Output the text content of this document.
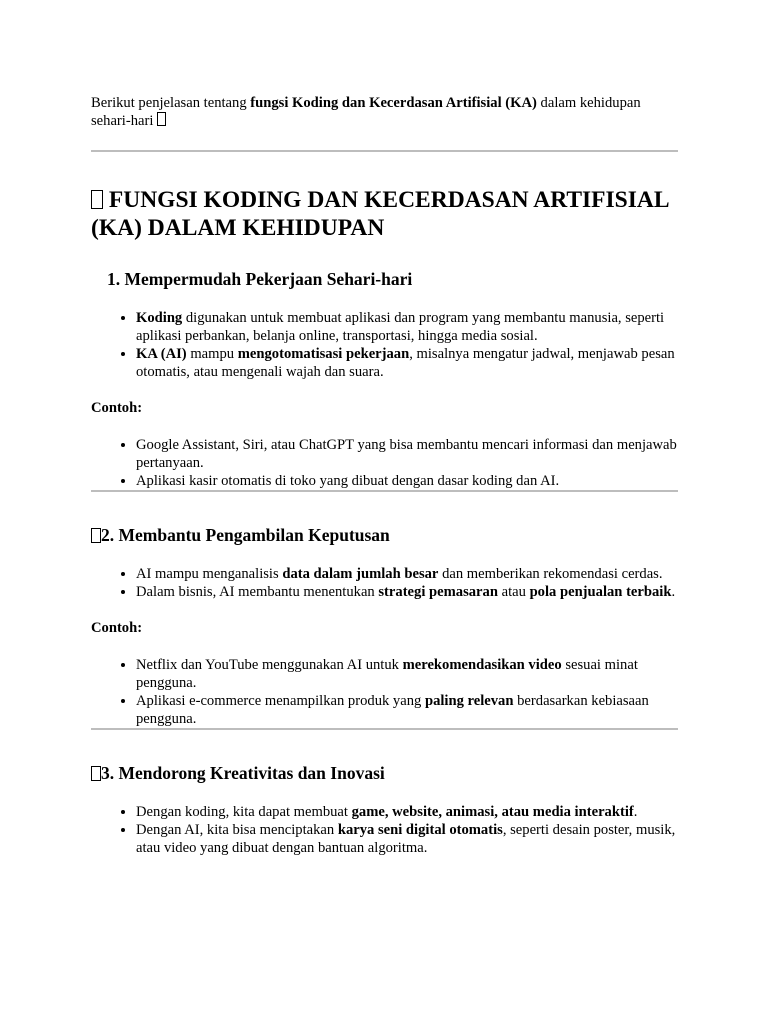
Berikut penjelasan tentang fungsi Koding dan Kecerdasan Artifisial (KA) dalam kehidupan sehari-hari

FUNGSI KODING DAN KECERDASAN ARTIFISIAL (KA) DALAM KEHIDUPAN
1. Mempermudah Pekerjaan Sehari-hari
• Koding digunakan untuk membuat aplikasi dan program yang membantu manusia, seperti aplikasi perbankan, belanja online, transportasi, hingga media sosial.
• KA (AI) mampu mengotomatisasi pekerjaan, misalnya mengatur jadwal, menjawab pesan otomatis, atau mengenali wajah dan suara.

Contoh:

• Google Assistant, Siri, atau ChatGPT yang bisa membantu mencari informasi dan menjawab pertanyaan.
• Aplikasi kasir otomatis di toko yang dibuat dengan dasar koding dan AI.
2. Membantu Pengambilan Keputusan
• AI mampu menganalisis data dalam jumlah besar dan memberikan rekomendasi cerdas.
• Dalam bisnis, AI membantu menentukan strategi pemasaran atau pola penjualan terbaik.

Contoh:

• Netflix dan YouTube menggunakan AI untuk merekomendasikan video sesuai minat pengguna.
• Aplikasi e-commerce menampilkan produk yang paling relevan berdasarkan kebiasaan pengguna.
3. Mendorong Kreativitas dan Inovasi
• Dengan koding, kita dapat membuat game, website, animasi, atau media interaktif.
• Dengan AI, kita bisa menciptakan karya seni digital otomatis, seperti desain poster, musik, atau video yang dibuat dengan bantuan algoritma.
